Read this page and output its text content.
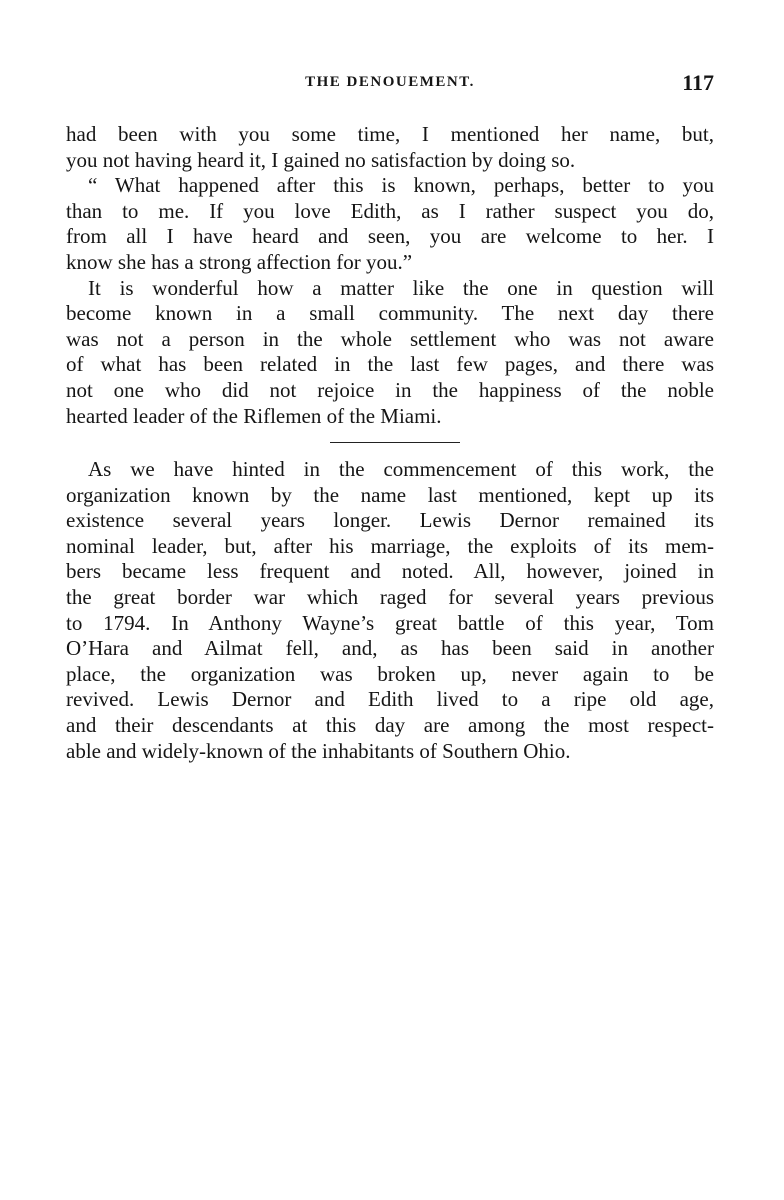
THE DENOUEMENT.	117
had been with you some time, I mentioned her name, but,
you not having heard it, I gained no satisfaction by doing so.
“ What happened after this is known, perhaps, better to you
than to me. If you love Edith, as I rather suspect you do,
from all I have heard and seen, you are welcome to her. I
know she has a strong affection for you.”
It is wonderful how a matter like the one in question will
become known in a small community. The next day there
was not a person in the whole settlement who was not aware
of what has been related in the last few pages, and there was
not one who did not rejoice in the happiness of the noble
hearted leader of the Riflemen of the Miami.
As we have hinted in the commencement of this work, the
organization known by the name last mentioned, kept up its
existence several years longer. Lewis Dernor remained its
nominal leader, but, after his marriage, the exploits of its mem-
bers became less frequent and noted. All, however, joined in
the great border war which raged for several years previous
to 1794. In Anthony Wayne’s great battle of this year, Tom
O’Hara and Ailmat fell, and, as has been said in another
place, the organization was broken up, never again to be
revived. Lewis Dernor and Edith lived to a ripe old age,
and their descendants at this day are among the most respect-
able and widely-known of the inhabitants of Southern Ohio.
